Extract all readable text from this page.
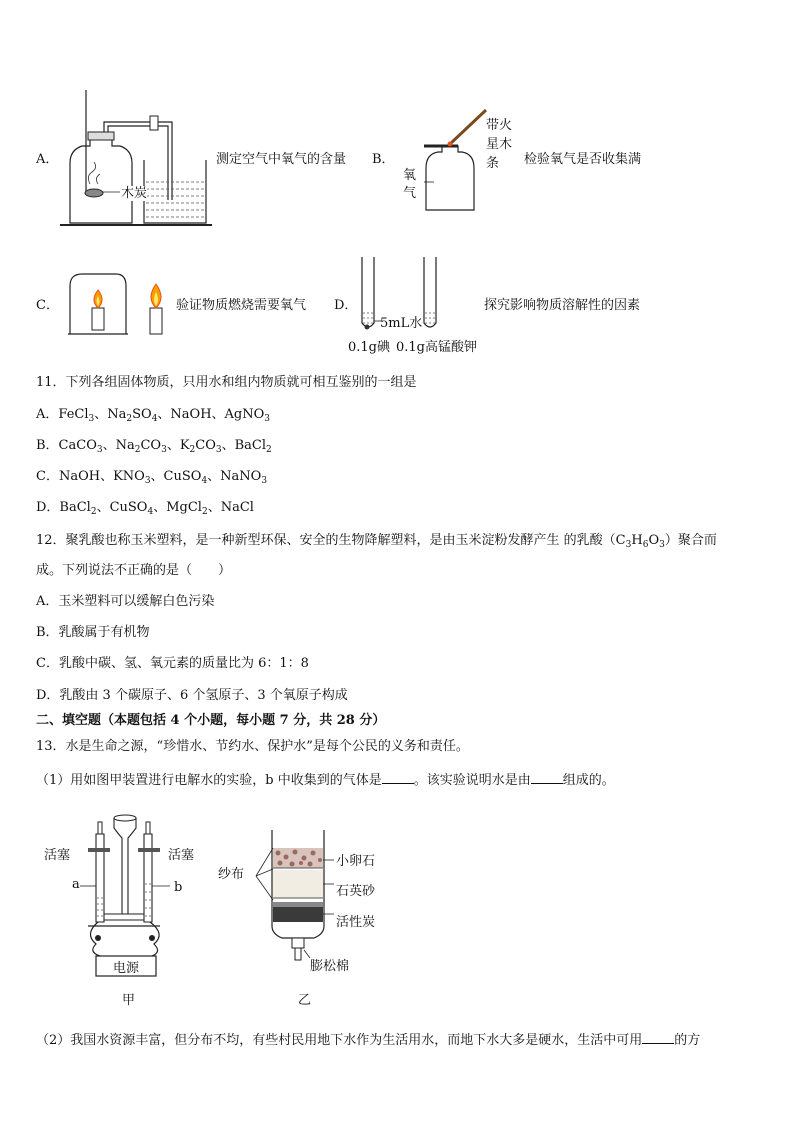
A．
木炭
测定空气中氧气的含量 B．
带火
星木
条
氧
气
检验氧气是否收集满
C．	验证物质燃烧需要氧气 D．
5mL水
0.1g碘 0.1g高锰酸钾
探究影响物质溶解性的因素
11．下列各组固体物质，只用水和组内物质就可相互鉴别的一组是
A．FeCl$_3$、$Na_2SO_4$、NaOH、AgNO$_3$
B．CaCO$_3$、$Na_2CO_3$、$K_2CO_3$、BaCl$_2$
C．NaOH、$KNO_3$、CuSO$_4$、NaNO$_3$
D．BaCl$_2$、CuSO$_4$、MgCl$_2$、NaCl
12．聚乳酸也称玉米塑料，是一种新型环保、安全的生物降解塑料，是由玉米淀粉发酵产生 的乳酸$(C_3H_6O_3)$聚合而
成。下列说法不正确的是（　　）
A．玉米塑料可以缓解白色污染
B．乳酸属于有机物
C．乳酸中碳、氢、氧元素的质量比为 6：1：8
D．乳酸由 3 个碳原子、6 个氢原子、3 个氧原子构成
二、填空题（本题包括 4 个小题，每小题 7 分，共 28 分）
13．水是生命之源，“珍惜水、节约水、保护水”是每个公民的义务和责任。
（1）用如图甲装置进行电解水的实验，b 中收集到的气体是 。该实验说明水是由 组成的。
活塞	活塞
a	b
电源
甲
纱布
小卵石
石英砂
活性炭
膨松棉
乙
（2）我国水资源丰富，但分布不均，有些村民用地下水作为生活用水，而地下水大多是硬水，生活中可用 的方
